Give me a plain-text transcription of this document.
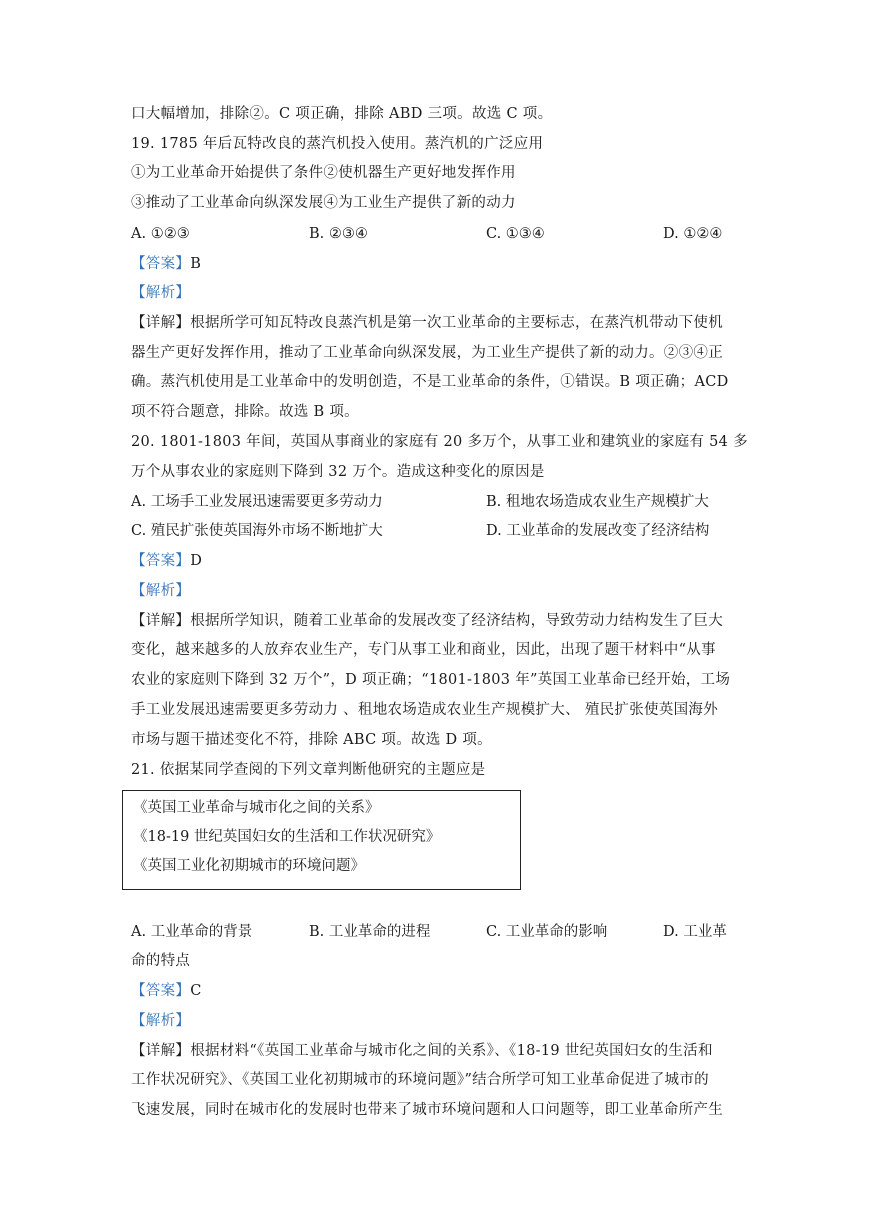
口大幅增加，排除②。C 项正确，排除 ABD 三项。故选 C 项。
19. 1785 年后瓦特改良的蒸汽机投入使用。蒸汽机的广泛应用
①为工业革命开始提供了条件②使机器生产更好地发挥作用
③推动了工业革命向纵深发展④为工业生产提供了新的动力
A. ①②③	B. ②③④	C. ①③④	D. ①②④
【答案】B
【解析】
【详解】根据所学可知瓦特改良蒸汽机是第一次工业革命的主要标志，在蒸汽机带动下使机
器生产更好发挥作用，推动了工业革命向纵深发展，为工业生产提供了新的动力。②③④正
确。蒸汽机使用是工业革命中的发明创造，不是工业革命的条件，①错误。B 项正确；ACD
项不符合题意，排除。故选 B 项。
20. 1801-1803 年间，英国从事商业的家庭有 20 多万个，从事工业和建筑业的家庭有 54 多
万个从事农业的家庭则下降到 32 万个。造成这种变化的原因是
A. 工场手工业发展迅速需要更多劳动力	B. 租地农场造成农业生产规模扩大
C. 殖民扩张使英国海外市场不断地扩大	D. 工业革命的发展改变了经济结构
【答案】D
【解析】
【详解】根据所学知识，随着工业革命的发展改变了经济结构，导致劳动力结构发生了巨大
变化，越来越多的人放弃农业生产，专门从事工业和商业，因此，出现了题干材料中“从事
农业的家庭则下降到 32 万个”，D 项正确；“1801-1803 年”英国工业革命已经开始，工场
手工业发展迅速需要更多劳动力 、租地农场造成农业生产规模扩大、 殖民扩张使英国海外
市场与题干描述变化不符，排除 ABC 项。故选 D 项。
21. 依据某同学查阅的下列文章判断他研究的主题应是
《英国工业革命与城市化之间的关系》
《18-19 世纪英国妇女的生活和工作状况研究》
《英国工业化初期城市的环境问题》
A. 工业革命的背景	B. 工业革命的进程	C. 工业革命的影响	D. 工业革
命的特点
【答案】C
【解析】
【详解】根据材料“《英国工业革命与城市化之间的关系》、《18-19 世纪英国妇女的生活和
工作状况研究》、《英国工业化初期城市的环境问题》”结合所学可知工业革命促进了城市的
飞速发展，同时在城市化的发展时也带来了城市环境问题和人口问题等，即工业革命所产生
